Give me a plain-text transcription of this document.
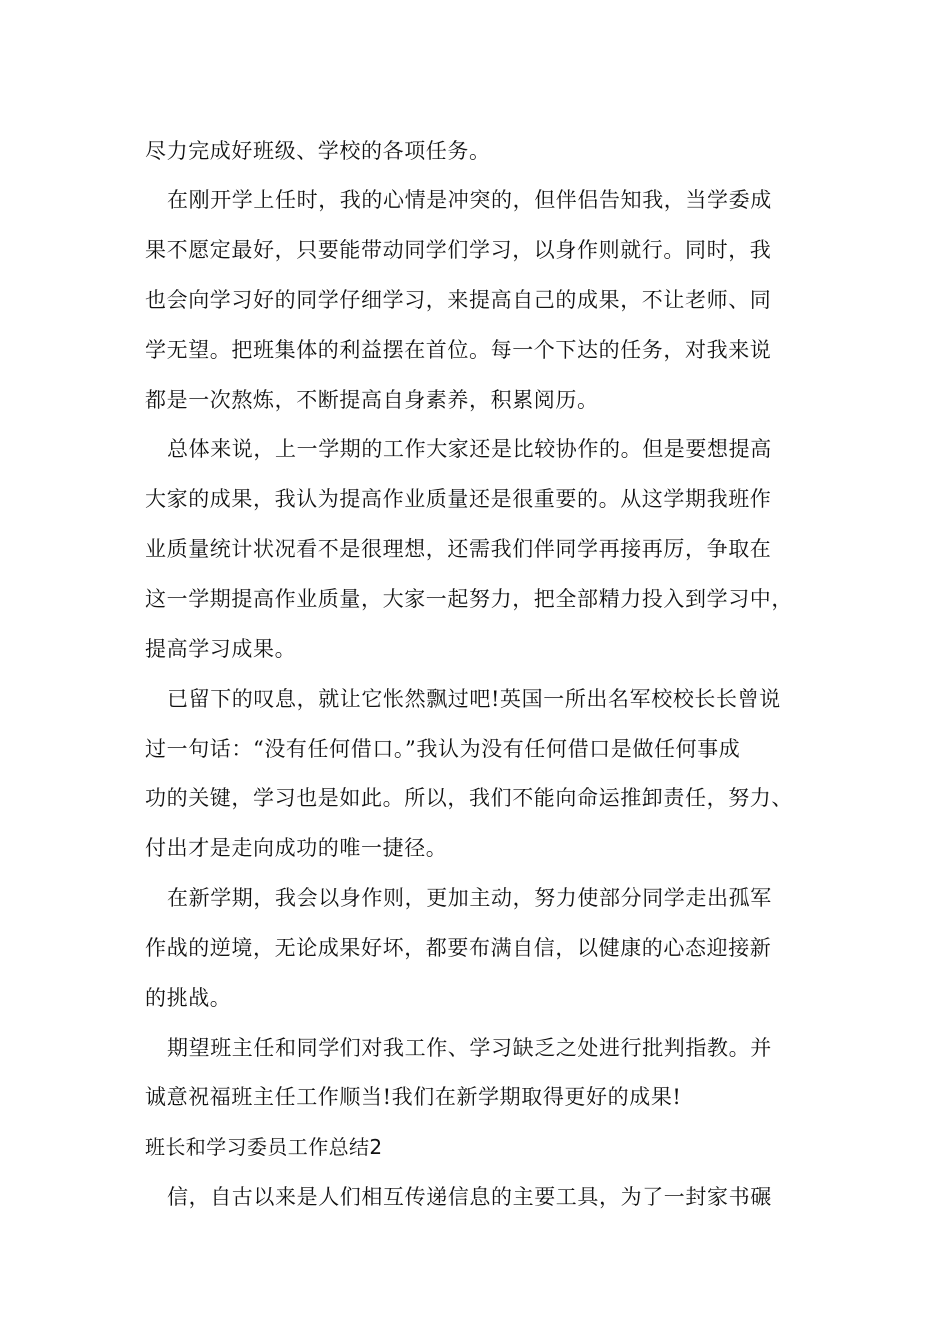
尽力完成好班级、学校的各项任务。
在刚开学上任时，我的心情是冲突的，但伴侣告知我，当学委成
果不愿定最好，只要能带动同学们学习，以身作则就行。同时，我
也会向学习好的同学仔细学习，来提高自己的成果，不让老师、同
学无望。把班集体的利益摆在首位。每一个下达的任务，对我来说
都是一次熬炼，不断提高自身素养，积累阅历。
总体来说，上一学期的工作大家还是比较协作的。但是要想提高
大家的成果，我认为提高作业质量还是很重要的。从这学期我班作
业质量统计状况看不是很理想，还需我们伴同学再接再厉，争取在
这一学期提高作业质量，大家一起努力，把全部精力投入到学习中，
提高学习成果。
已留下的叹息，就让它怅然飘过吧!英国一所出名军校校长长曾说
过一句话：“没有任何借口。”我认为没有任何借口是做任何事成
功的关键，学习也是如此。所以，我们不能向命运推卸责任，努力、
付出才是走向成功的唯一捷径。
在新学期，我会以身作则，更加主动，努力使部分同学走出孤军
作战的逆境，无论成果好坏，都要布满自信，以健康的心态迎接新
的挑战。
期望班主任和同学们对我工作、学习缺乏之处进行批判指教。并
诚意祝福班主任工作顺当!我们在新学期取得更好的成果!
班长和学习委员工作总结2
信，自古以来是人们相互传递信息的主要工具，为了一封家书碾
